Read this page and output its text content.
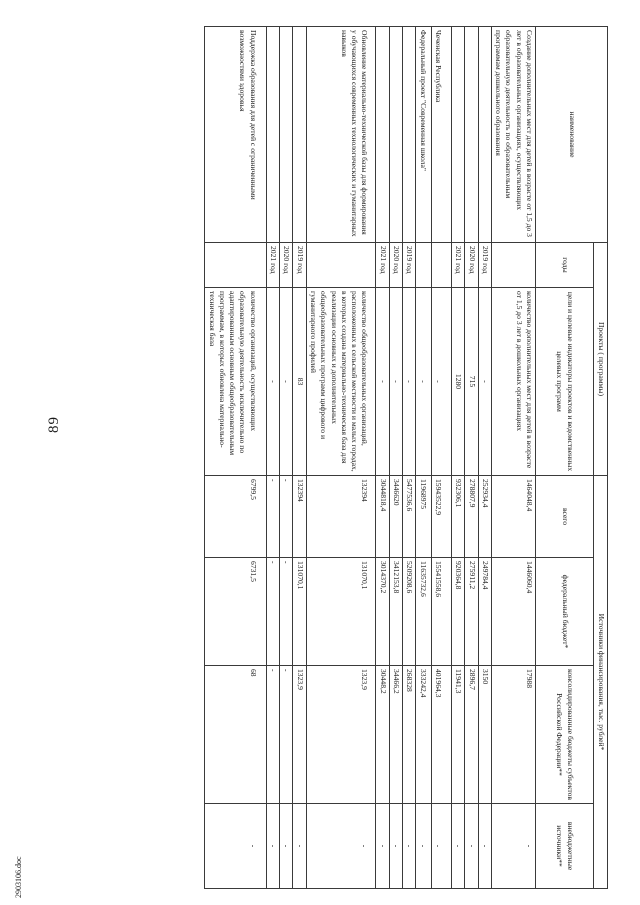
89
наименование	Проекты ( программы)		Источники финансирования, тыс. рублей*			
	годы	цели и целевые индикаторы проектов и ведомственных целевых программ	всего	федеральный бюджет*	консолидированные бюджеты субъектов Российской Федерации**	внебюджетные источники**
Создание дополнительных мест для детей в возрасте от 1,5 до 3 лет в образовательных организациях, осуществляющих образовательную деятельность по образовательным программам дошкольного образования		количество дополнительных мест для детей в возрасте от 1,5 до 3 лет в дошкольных организациях	1464048,4	1446060,4	17988	-
	2019 год	-	252934,4	249784,4	3150	-
	2020 год	715	278807,9	275911,2	2896,7	-
	2021 год	1280	932306,1	920364,8	11941,3	-
Чеченская Республика		-	15943522,9	15541558,6	401964,3	-
Федеральный проект "Современная школа"		-	11968975	11635732,6	333242,4	-
	2019 год	-	5477536,6	5209208,6	268328	-
	2020 год	-	3446620	3412153,8	34466,2	-
	2021 год	-	3044818,4	3014370,2	30448,2	-
Обновление материально-технической базы для формирования у обучающихся современных технологических и гуманитарных навыков		количество общеобразовательных организаций, расположенных в сельской местности и малых городах, в которых создана материально-техническая база для реализации основных и дополнительных общеобразовательных программ цифрового и гуманитарного профилей	132394	131070,1	1323,9	-
	2019 год	83	132394	131070,1	1323,9	-
	2020 год	-	-	-	-	-
	2021 год	-	-	-	-	-
Поддержка образования для детей с ограниченными возможностями здоровья		количество организаций, осуществляющих образовательную деятельность исключительно по адаптированным основным общеобразовательным программам, в которых обновлена материально-техническая база	6799,5	6731,5	68	-
2903106.doc
